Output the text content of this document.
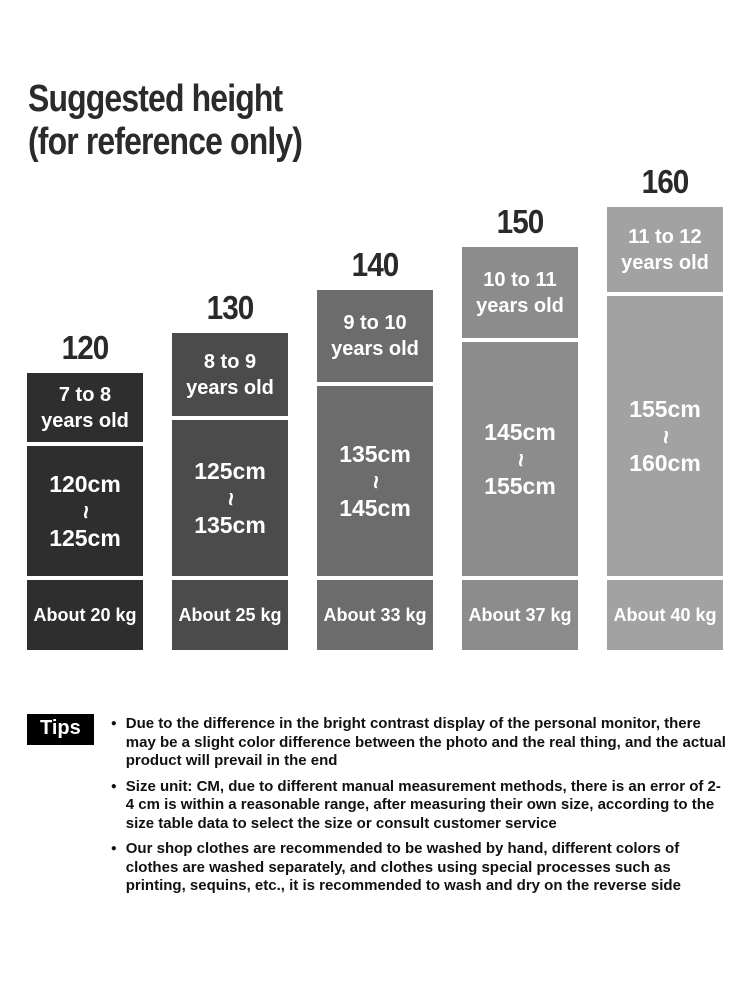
Suggested height
(for reference only)
120
7 to 8
years old
120cm
~
125cm
About 20 kg
130
8 to 9
years old
125cm
~
135cm
About 25 kg
140
9 to 10
years old
135cm
~
145cm
About 33 kg
150
10 to 11
years old
145cm
~
155cm
About 37 kg
160
11 to 12
years old
155cm
~
160cm
About 40 kg
Tips	● Due to the difference in the bright contrast display of the personal monitor, there may be a slight color difference between the photo and the real thing, and the actual product will prevail in the end
● Size unit: CM, due to different manual measurement methods, there is an error of 2-4 cm is within a reasonable range, after measuring their own size, according to the size table data to select the size or consult customer service
● Our shop clothes are recommended to be washed by hand, different colors of clothes are washed separately, and clothes using special processes such as printing, sequins, etc., it is recommended to wash and dry on the reverse side
